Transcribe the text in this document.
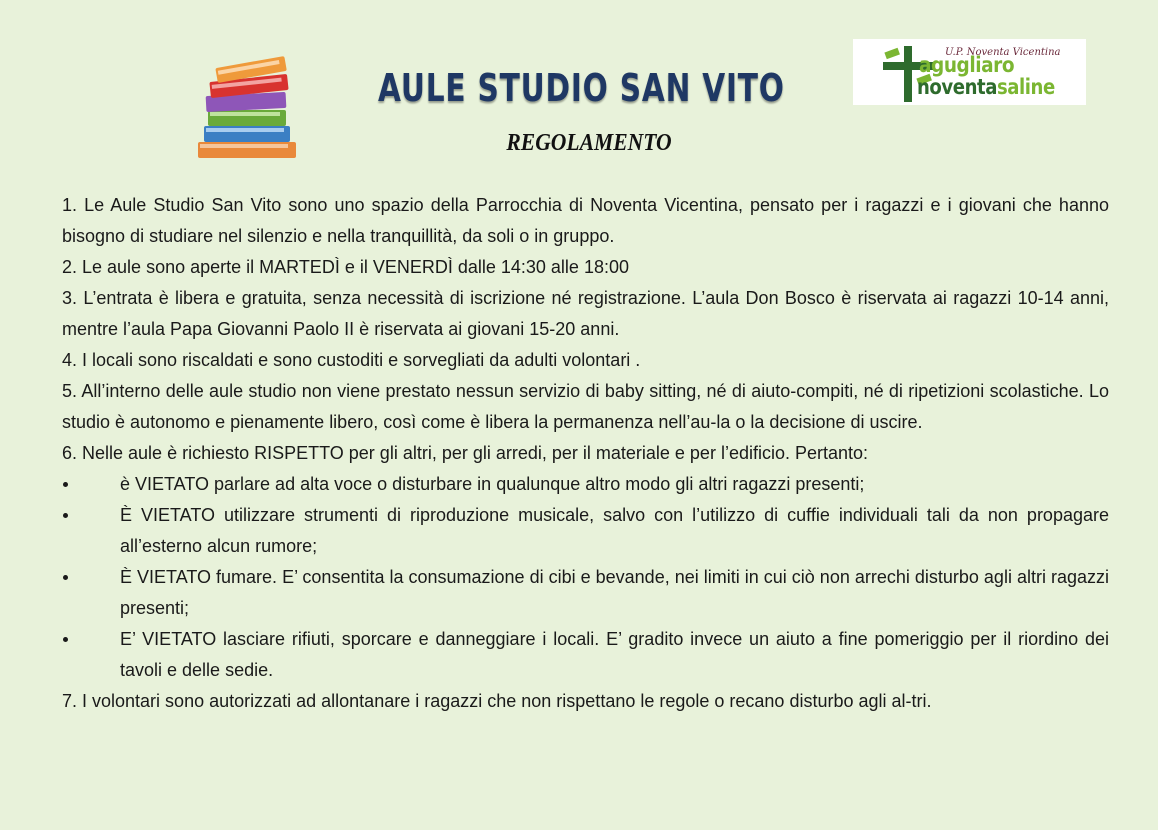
AULE STUDIO SAN VITO
REGOLAMENTO
U.P. Noventa Vicentina
agugliaro
noventasaline

1. Le Aule Studio San Vito sono uno spazio della Parrocchia di Noventa Vicentina, pensato per i ragazzi e i giovani che hanno bisogno di studiare nel silenzio e nella tranquillità, da soli o in gruppo.

2. Le aule sono aperte il MARTEDÌ e il VENERDÌ dalle 14:30 alle 18:00

3. L’entrata è libera e gratuita, senza necessità di iscrizione né registrazione. L’aula Don Bosco è riservata ai ragazzi 10-14 anni, mentre l’aula Papa Giovanni Paolo II è riservata ai giovani 15-20 anni.

4. I locali sono riscaldati e sono custoditi e sorvegliati da adulti volontari .

5. All’interno delle aule studio non viene prestato nessun servizio di baby sitting, né di aiuto-compiti, né di ripetizioni scolastiche. Lo studio è autonomo e pienamente libero, così come è libera la permanenza nell’au-la o la decisione di uscire.

6. Nelle aule è richiesto RISPETTO per gli altri, per gli arredi, per il materiale e per l’edificio. Pertanto:

è VIETATO parlare ad alta voce o disturbare in qualunque altro modo gli altri ragazzi presenti;
È VIETATO utilizzare strumenti di riproduzione musicale, salvo con l’utilizzo di cuffie individuali tali da non propagare all’esterno alcun rumore;
È VIETATO fumare. E’ consentita la consumazione di cibi e bevande, nei limiti in cui ciò non arrechi disturbo agli altri ragazzi presenti;
E’ VIETATO lasciare rifiuti, sporcare e danneggiare i locali. E’ gradito invece un aiuto a fine pomeriggio per il riordino dei tavoli e delle sedie.

7. I volontari sono autorizzati ad allontanare i ragazzi che non rispettano le regole o recano disturbo agli al-tri.
